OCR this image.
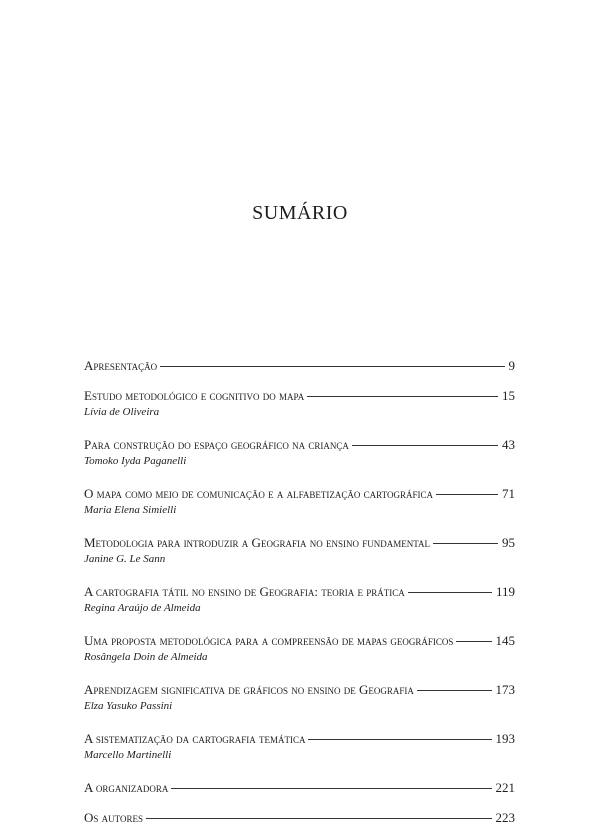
SUMÁRIO
Apresentação	9
Estudo metodológico e cognitivo do mapa	15
Lívia de Oliveira
Para construção do espaço geográfico na criança	43
Tomoko Iyda Paganelli
O mapa como meio de comunicação e a alfabetização cartográfica	71
Maria Elena Simielli
Metodologia para introduzir a Geografia no ensino fundamental	95
Janine G. Le Sann
A cartografia tátil no ensino de Geografia: teoria e prática	119
Regina Araújo de Almeida
Uma proposta metodológica para a compreensão de mapas geográficos	145
Rosângela Doin de Almeida
Aprendizagem significativa de gráficos no ensino de Geografia	173
Elza Yasuko Passini
A sistematização da cartografia temática	193
Marcello Martinelli
A organizadora	221
Os autores	223
